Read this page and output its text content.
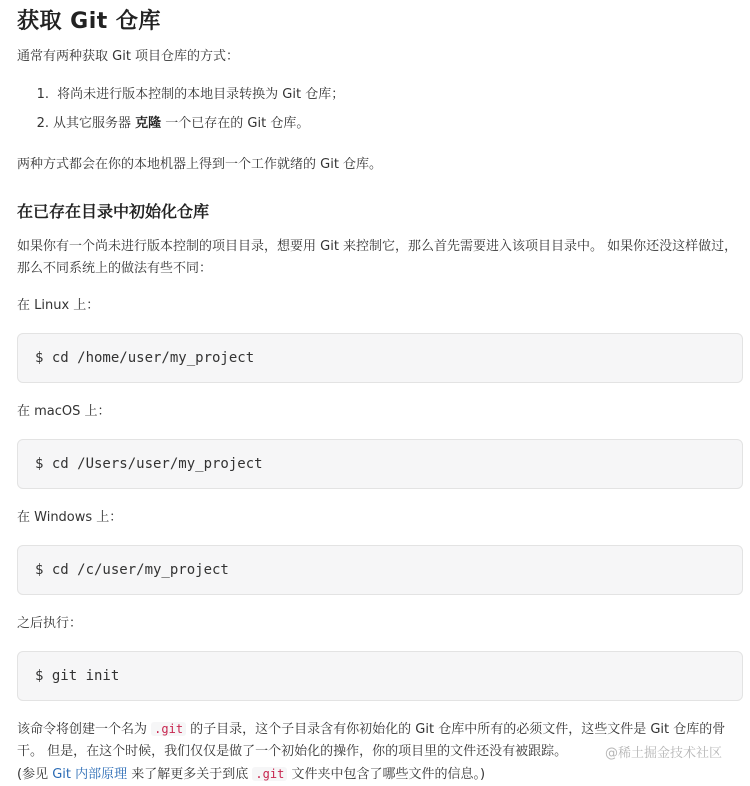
获取 Git 仓库

通常有两种获取 Git 项目仓库的方式：

1. 将尚未进行版本控制的本地目录转换为 Git 仓库；
2. 从其它服务器 克隆 一个已存在的 Git 仓库。

两种方式都会在你的本地机器上得到一个工作就绪的 Git 仓库。

在已存在目录中初始化仓库

如果你有一个尚未进行版本控制的项目目录，想要用 Git 来控制它，那么首先需要进入该项目目录中。 如果你还没这样做过，那么不同系统上的做法有些不同：

在 Linux 上：

$ cd /home/user/my_project

在 macOS 上：

$ cd /Users/user/my_project

在 Windows 上：

$ cd /c/user/my_project

之后执行：

$ git init

该命令将创建一个名为 .git 的子目录，这个子目录含有你初始化的 Git 仓库中所有的必须文件，这些文件是 Git 仓库的骨干。 但是，在这个时候，我们仅仅是做了一个初始化的操作，你的项目里的文件还没有被跟踪。
(参见 Git 内部原理 来了解更多关于到底 .git 文件夹中包含了哪些文件的信息。)

@稀土掘金技术社区
